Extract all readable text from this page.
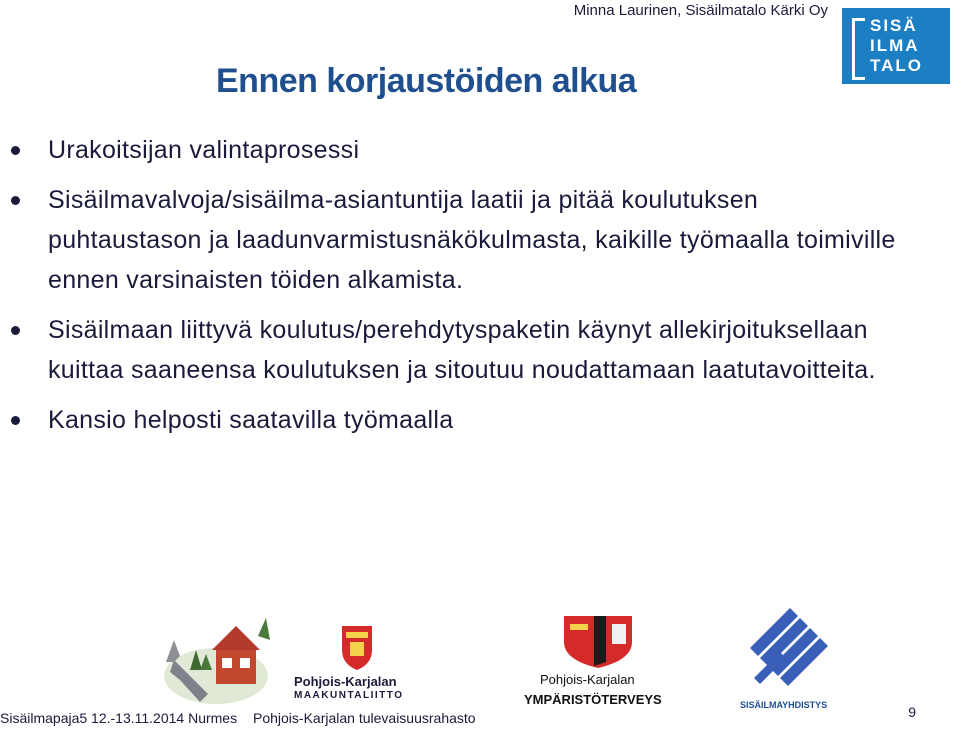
Minna Laurinen, Sisäilmatalo Kärki Oy
SISÄ
ILMA
TALO
Ennen korjaustöiden alkua
Urakoitsijan valintaprosessi
Sisäilmavalvoja/sisäilma-asiantuntija laatii ja pitää koulutuksen puhtaustason ja laadunvarmistusnäkökulmasta, kaikille työmaalla toimiville ennen varsinaisten töiden alkamista.
Sisäilmaan liittyvä koulutus/perehdytyspaketin käynyt allekirjoituksellaan kuittaa saaneensa koulutuksen ja sitoutuu noudattamaan laatutavoitteita.
Kansio helposti saatavilla työmaalla
Pohjois-Karjalan
MAAKUNTALIITTO
Pohjois-Karjalan
YMPÄRISTÖTERVEYS	SISÄILMAYHDISTYS
Sisäilmapaja5 12.-13.11.2014 Nurmes Pohjois-Karjalan tulevaisuusrahasto	9
